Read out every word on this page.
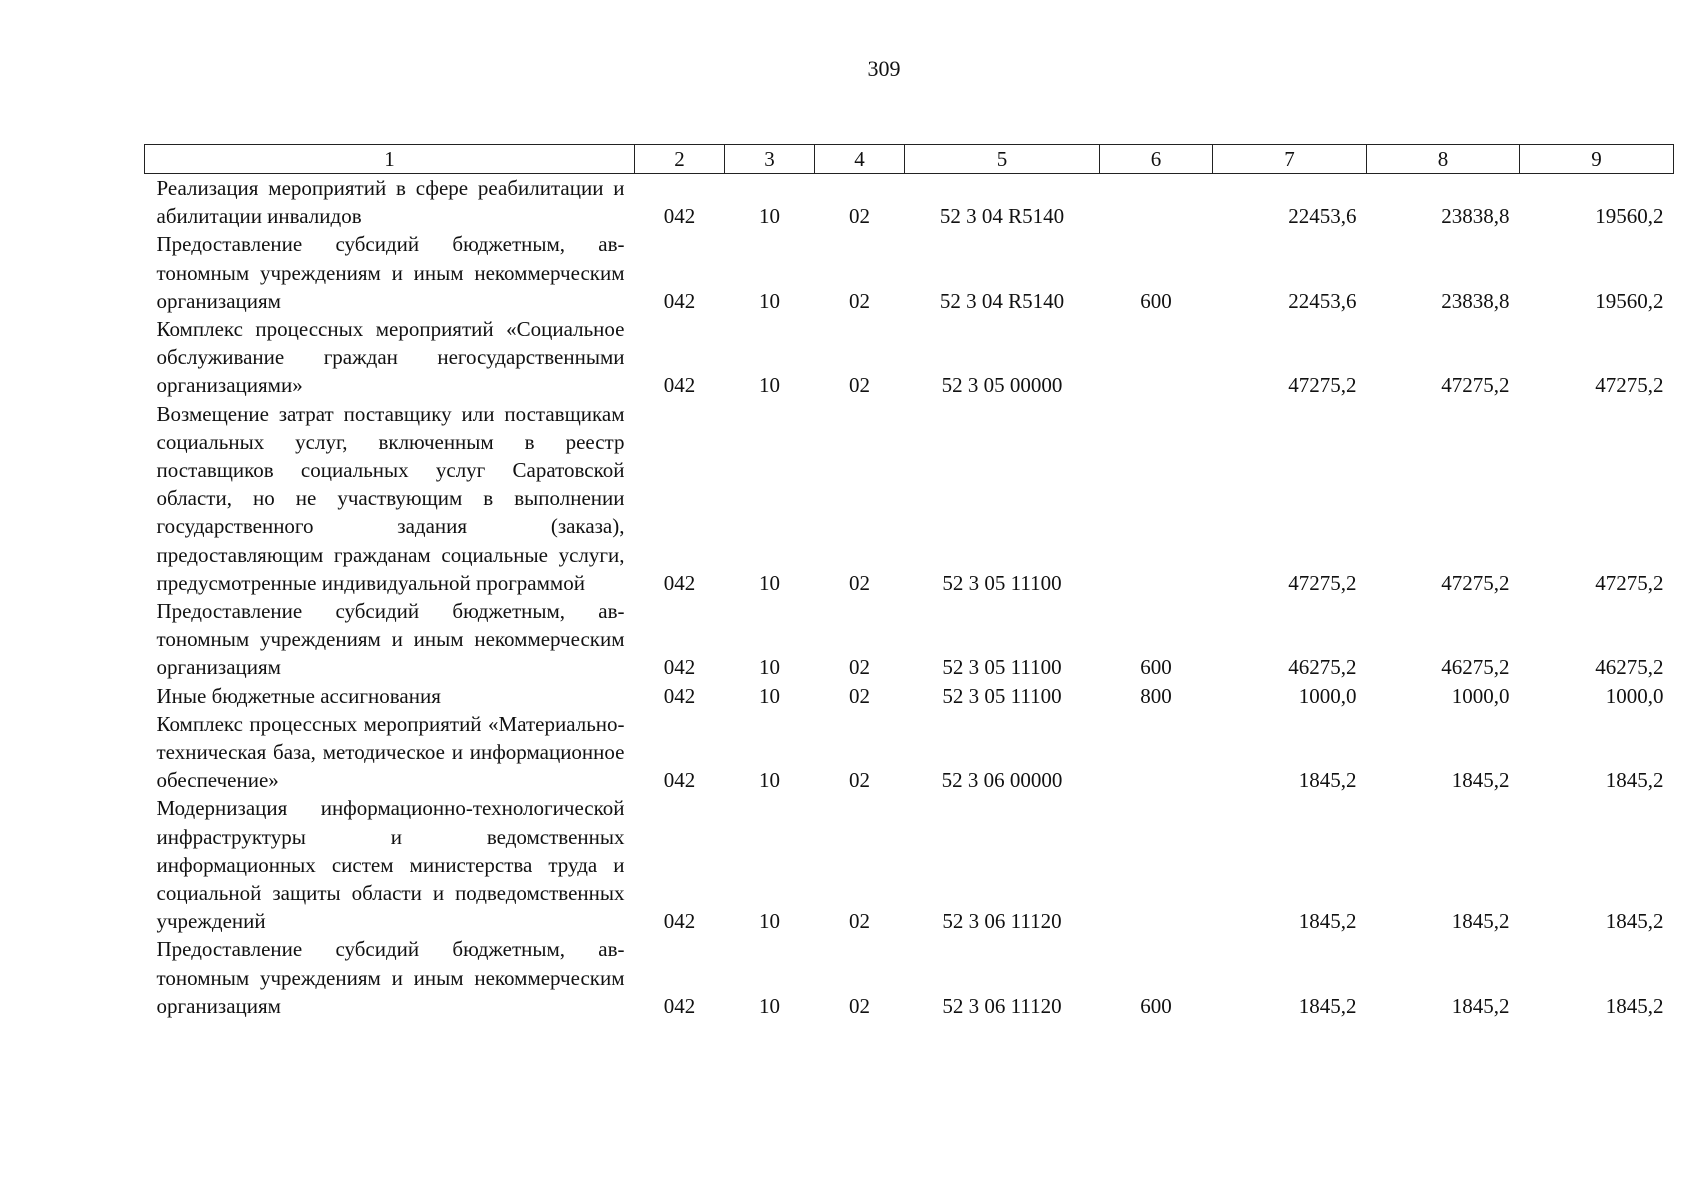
309
1	2	3	4	5	6	7	8	9
Реализация мероприятий в сфере реабилитации и абилитации инвалидов	042	10	02	52 3 04 R5140		22453,6	23838,8	19560,2
Предоставление субсидий бюджетным, автономным учреждениям и иным некоммерческим организациям	042	10	02	52 3 04 R5140	600	22453,6	23838,8	19560,2
Комплекс процессных мероприятий «Социальное обслуживание граждан негосударственными организациями»	042	10	02	52 3 05 00000		47275,2	47275,2	47275,2
Возмещение затрат поставщику или поставщикам социальных услуг, включенным в реестр поставщиков социальных услуг Саратовской области, но не участвующим в выполнении государственного задания (заказа), предоставляющим гражданам социальные услуги, предусмотренные индивидуальной программой	042	10	02	52 3 05 11100		47275,2	47275,2	47275,2
Предоставление субсидий бюджетным, автономным учреждениям и иным некоммерческим организациям	042	10	02	52 3 05 11100	600	46275,2	46275,2	46275,2
Иные бюджетные ассигнования	042	10	02	52 3 05 11100	800	1000,0	1000,0	1000,0
Комплекс процессных мероприятий «Материально-техническая база, методическое и информационное обеспечение»	042	10	02	52 3 06 00000		1845,2	1845,2	1845,2
Модернизация информационно-технологической инфраструктуры и ведомственных информационных систем министерства труда и социальной защиты области и подведомственных учреждений	042	10	02	52 3 06 11120		1845,2	1845,2	1845,2
Предоставление субсидий бюджетным, автономным учреждениям и иным некоммерческим организациям	042	10	02	52 3 06 11120	600	1845,2	1845,2	1845,2
